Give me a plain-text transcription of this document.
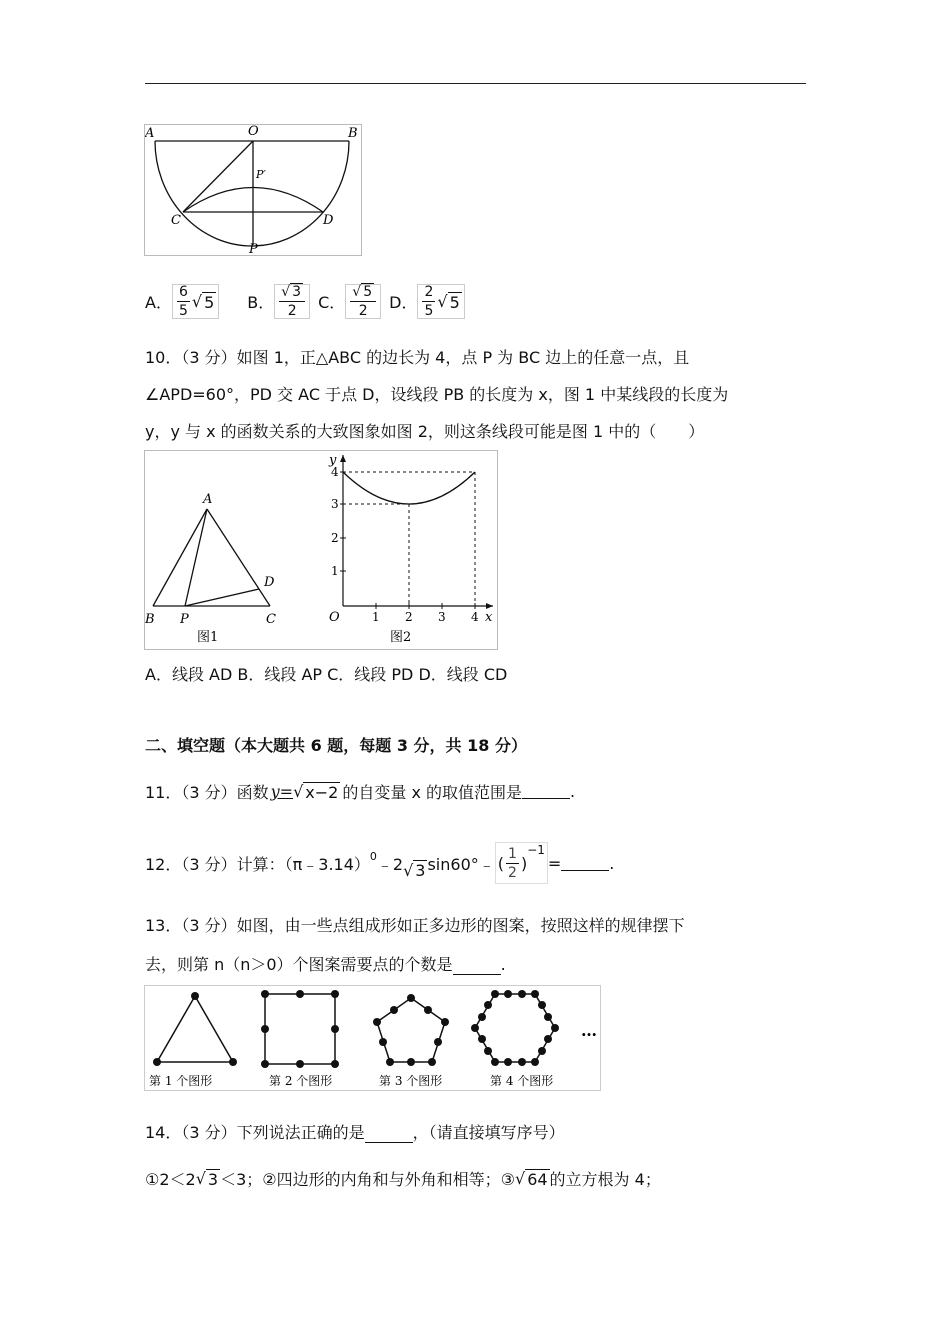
A	O	B
P′
C	D
P
A． $\frac{6}{5}$ √ 5 B． $\frac{√ 3}{2}$ C． $\frac{√ 5}{2}$ D． $\frac{2}{5}$ √ 5
10．（3 分）如图 1，正△ABC 的边长为 4，点 P 为 BC 边上的任意一点，且
∠APD=60°，PD 交 AC 于点 D，设线段 PB 的长度为 x，图 1 中某线段的长度为
y，y 与 x 的函数关系的大致图象如图 2，则这条线段可能是图 1 中的（　　）
A
B P
D
C
图1
y
x
O
1
2
3
4
1 2 3 4
图2
A．线段 AD B．线段 AP C．线段 PD D．线段 CD
二、填空题（本大题共 6 题，每题 3 分，共 18 分）
11．（3 分）函数 y= √ x−2 的自变量 x 的取值范围是	.
12．（3 分）计算：（π﹣3.14）$^0$ ﹣2 √ 3 sin60°﹣ ( $\frac{1}{2}$ )
$^{-1}$
=	.
13．（3 分）如图，由一些点组成形如正多边形的图案，按照这样的规律摆下
去，则第 n（n＞0）个图案需要点的个数是	.
…
第 1 个图形	第 2 个图形	第 3 个图形	第 4 个图形
14．（3 分）下列说法正确的是	，（请直接填写序号）
①2＜2 √ 3 ＜3；②四边形的内角和与外角和相等；③ √ 64 的立方根为 4；
